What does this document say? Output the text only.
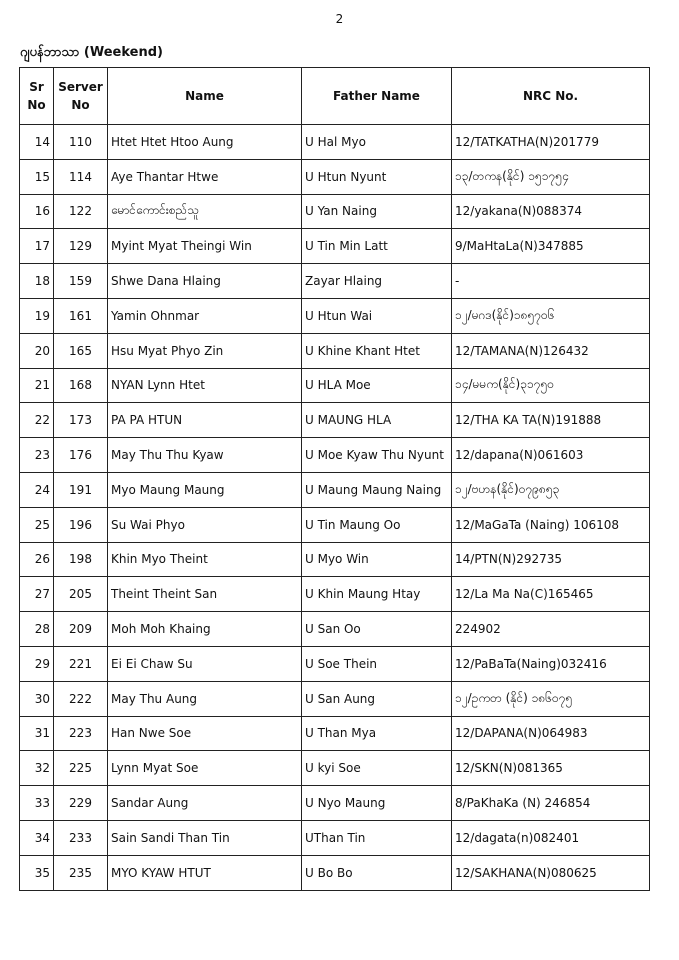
2
ဂျပန်ဘာသာ (Weekend)
Sr No	Server No	Name	Father Name	NRC No.
14	110	Htet Htet Htoo Aung	U Hal Myo	12/TATKATHA(N)201779
15	114	Aye Thantar Htwe	U Htun Nyunt	၁၃/တကန(နိုင်) ၁၅၁၇၅၄
16	122	မောင်ကောင်းစည်သူ	U Yan Naing	12/yakana(N)088374
17	129	Myint Myat Theingi Win	U Tin Min Latt	9/MaHtaLa(N)347885
18	159	Shwe Dana Hlaing	Zayar Hlaing	-
19	161	Yamin Ohnmar	U Htun Wai	၁၂/မဂဒ(နိုင်)၁၈၅၇၀၆
20	165	Hsu Myat Phyo Zin	U Khine Khant Htet	12/TAMANA(N)126432
21	168	NYAN Lynn Htet	U HLA Moe	၁၄/မမက(နိုင်)၃၁၇၅၀
22	173	PA PA HTUN	U MAUNG HLA	12/THA KA TA(N)191888
23	176	May Thu Thu Kyaw	U Moe Kyaw Thu Nyunt	12/dapana(N)061603
24	191	Myo Maung Maung	U Maung Maung Naing	၁၂/ဗဟန(နိုင်)၀၇၉၈၅၃
25	196	Su Wai Phyo	U Tin Maung Oo	12/MaGaTa (Naing) 106108
26	198	Khin Myo Theint	U Myo Win	14/PTN(N)292735
27	205	Theint Theint San	U Khin Maung Htay	12/La Ma Na(C)165465
28	209	Moh Moh Khaing	U San Oo	224902
29	221	Ei Ei Chaw Su	U Soe Thein	12/PaBaTa(Naing)032416
30	222	May Thu Aung	U San Aung	၁၂/ဥကတ (နိုင်) ၁၈၆၀၇၅
31	223	Han Nwe Soe	U Than Mya	12/DAPANA(N)064983
32	225	Lynn Myat Soe	U kyi Soe	12/SKN(N)081365
33	229	Sandar Aung	U Nyo Maung	8/PaKhaKa (N) 246854
34	233	Sain Sandi Than Tin	UThan Tin	12/dagata(n)082401
35	235	MYO KYAW HTUT	U Bo Bo	12/SAKHANA(N)080625
